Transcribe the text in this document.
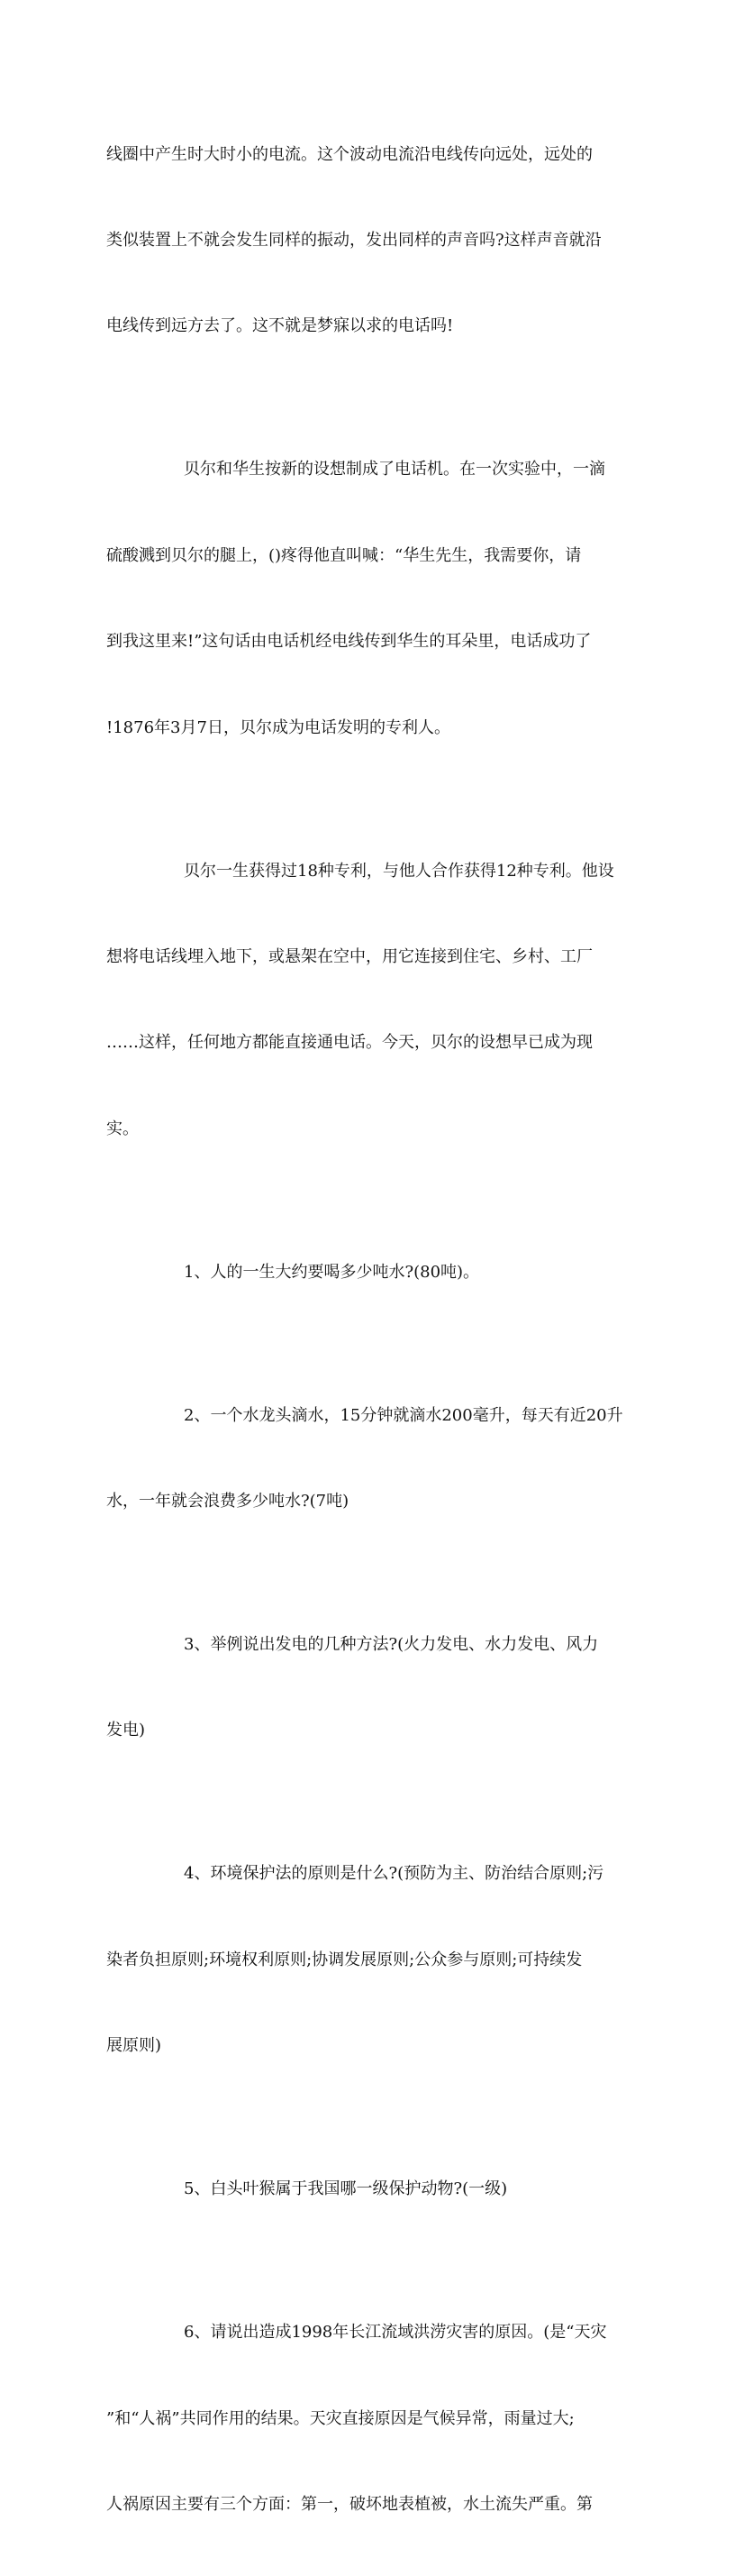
线圈中产生时大时小的电流。这个波动电流沿电线传向远处，远处的

类似装置上不就会发生同样的振动，发出同样的声音吗?这样声音就沿

电线传到远方去了。这不就是梦寐以求的电话吗!

贝尔和华生按新的设想制成了电话机。在一次实验中，一滴

硫酸溅到贝尔的腿上，()疼得他直叫喊：“华生先生，我需要你，请

到我这里来!”这句话由电话机经电线传到华生的耳朵里，电话成功了

!1876年3月7日，贝尔成为电话发明的专利人。

贝尔一生获得过18种专利，与他人合作获得12种专利。他设

想将电话线埋入地下，或悬架在空中，用它连接到住宅、乡村、工厂

……这样，任何地方都能直接通电话。今天，贝尔的设想早已成为现

实。

1、人的一生大约要喝多少吨水?(80吨)。

2、一个水龙头滴水，15分钟就滴水200毫升，每天有近20升

水，一年就会浪费多少吨水?(7吨)

3、举例说出发电的几种方法?(火力发电、水力发电、风力

发电)

4、环境保护法的原则是什么?(预防为主、防治结合原则;污

染者负担原则;环境权利原则;协调发展原则;公众参与原则;可持续发

展原则)

5、白头叶猴属于我国哪一级保护动物?(一级)

6、请说出造成1998年长江流域洪涝灾害的原因。(是“天灾

”和“人祸”共同作用的结果。天灾直接原因是气候异常，雨量过大;

人祸原因主要有三个方面：第一，破坏地表植被，水土流失严重。第
